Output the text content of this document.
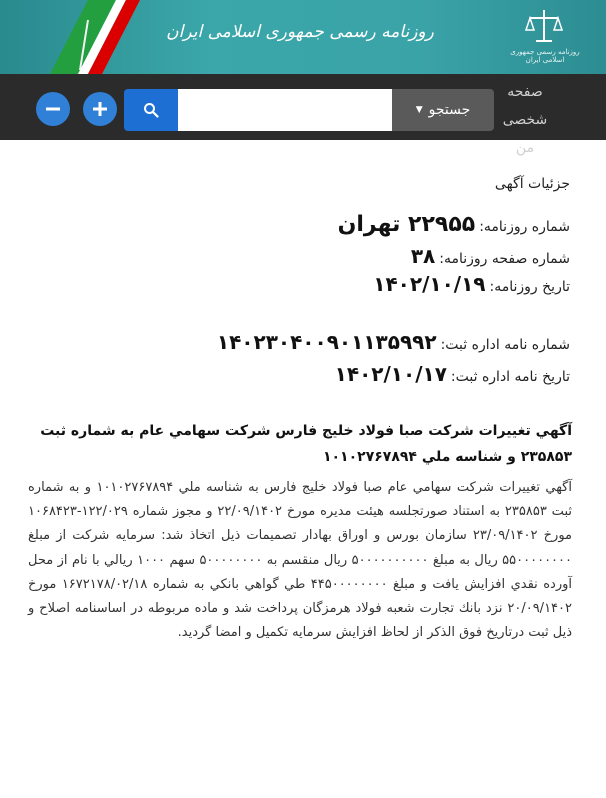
روزنامه رسمی جمهوری اسلامی ایران
روزنامه رسمی جمهوری اسلامی ایران
جستجو
▼
صفحه شخصی من
جزئیات آگهی
شماره روزنامه:
۲۲۹۵۵ تهران
شماره صفحه روزنامه:
۳۸
تاریخ روزنامه:
۱۴۰۲/۱۰/۱۹
شماره نامه اداره ثبت:
۱۴۰۲۳۰۴۰۰۹۰۱۱۳۵۹۹۲
تاریخ نامه اداره ثبت:
۱۴۰۲/۱۰/۱۷
آگهي تغييرات شركت صبا فولاد خليج فارس شركت سهامي عام به شماره ثبت ۲۳۵۸۵۳ و شناسه ملي ۱۰۱۰۲۷۶۷۸۹۴
آگهي تغييرات شركت سهامي عام صبا فولاد خليج فارس به شناسه ملي ۱۰۱۰۲۷۶۷۸۹۴ و به شماره ثبت ۲۳۵۸۵۳ به استناد صورتجلسه هيئت مديره مورخ ۲۲/۰۹/۱۴۰۲ و مجوز شماره ۱۲۲/۰۲۹-۱۰۶۸۴۲۳ مورخ ۲۳/۰۹/۱۴۰۲ سازمان بورس و اوراق بهادار تصميمات ذيل اتخاذ شد: سرمايه شركت از مبلغ ۵۵۰۰۰۰۰۰۰۰ ريال به مبلغ ۵۰۰۰۰۰۰۰۰۰۰ ريال منقسم به ۵۰۰۰۰۰۰۰۰ سهم ۱۰۰۰ ريالي با نام از محل آورده نقدي افزايش يافت و مبلغ ۴۴۵۰۰۰۰۰۰۰۰ طي گواهي بانكي به شماره ۱۶۷۲۱۷۸/۰۲/۱۸ مورخ ۲۰/۰۹/۱۴۰۲ نزد بانك تجارت شعبه فولاد هرمزگان پرداخت شد و ماده مربوطه در اساسنامه اصلاح و ذيل ثبت درتاريخ فوق الذكر از لحاظ افزايش سرمايه تكميل و امضا گرديد.
